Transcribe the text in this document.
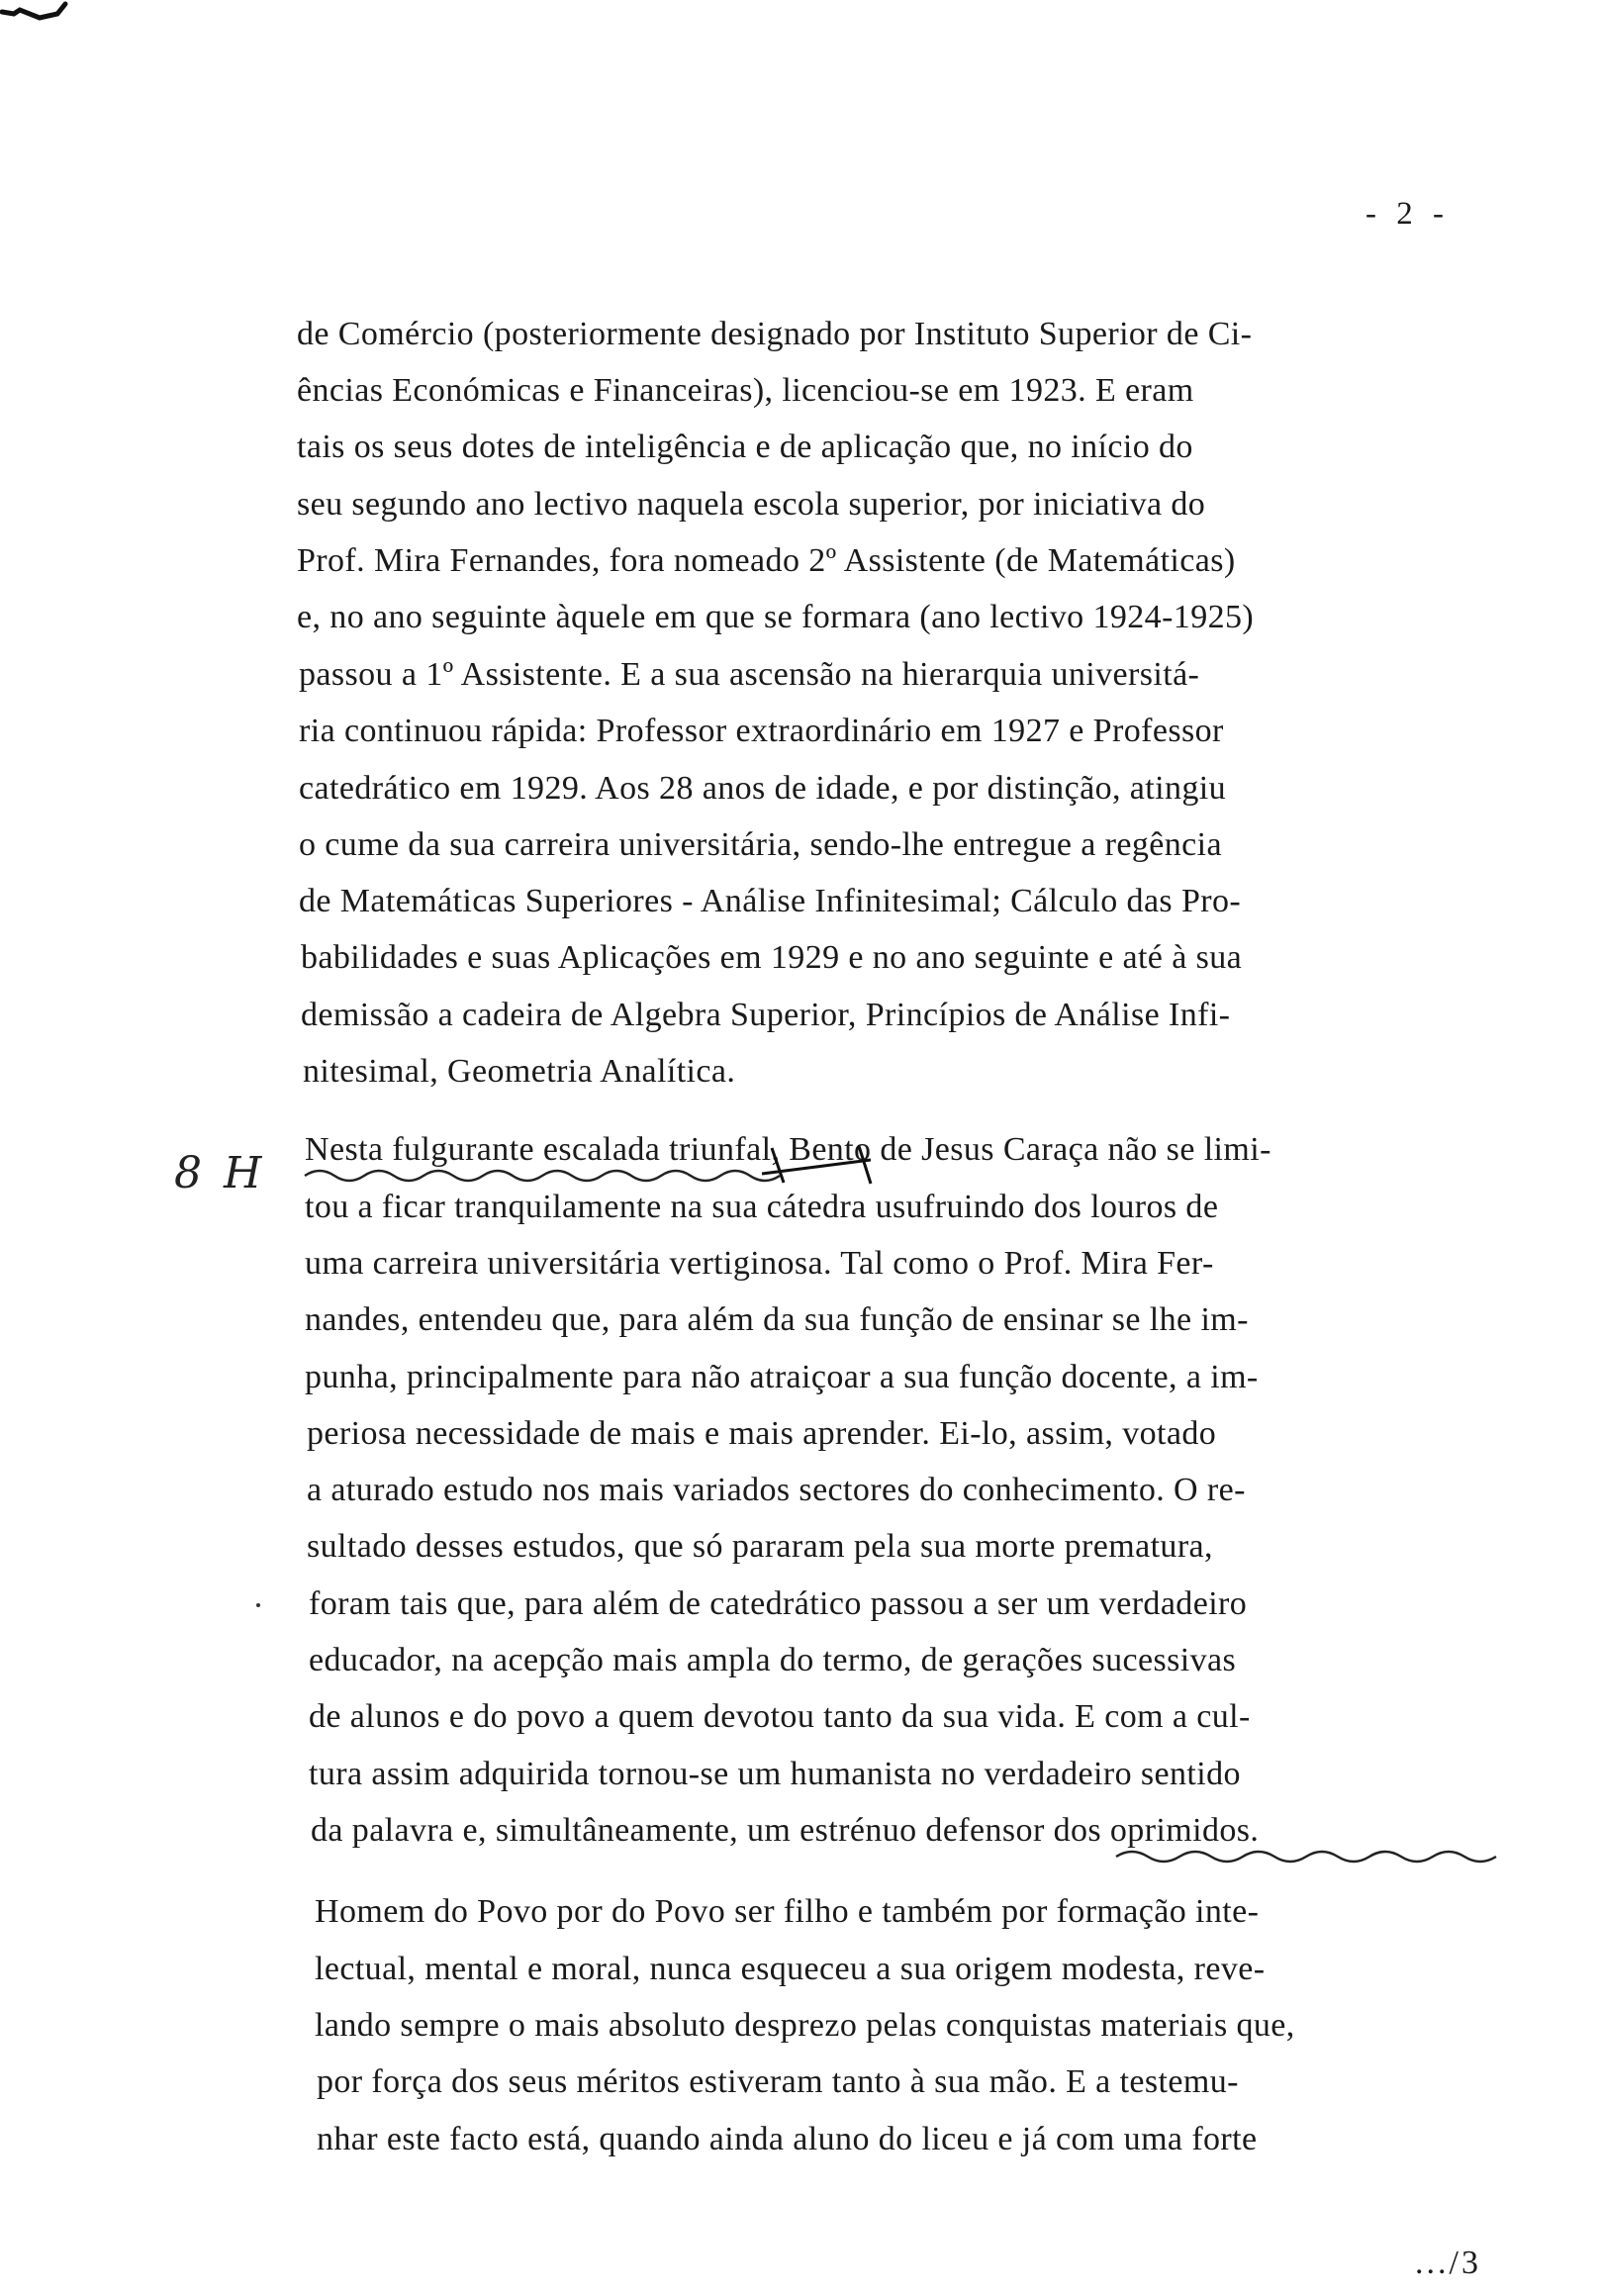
- 2 -
de Comércio (posteriormente designado por Instituto Superior de Ci-
ências Económicas e Financeiras), licenciou-se em 1923. E eram
tais os seus dotes de inteligência e de aplicação que, no início do
seu segundo ano lectivo naquela escola superior, por iniciativa do
Prof. Mira Fernandes, fora nomeado 2º Assistente (de Matemáticas)
e, no ano seguinte àquele em que se formara (ano lectivo 1924-1925)
passou a 1º Assistente. E a sua ascensão na hierarquia universitá-
ria continuou rápida: Professor extraordinário em 1927 e Professor
catedrático em 1929. Aos 28 anos de idade, e por distinção, atingiu
o cume da sua carreira universitária, sendo-lhe entregue a regência
de Matemáticas Superiores - Análise Infinitesimal; Cálculo das Pro-
babilidades e suas Aplicações em 1929 e no ano seguinte e até à sua
demissão a cadeira de Algebra Superior, Princípios de Análise Infi-
nitesimal, Geometria Analítica.
8 H Nesta fulgurante escalada triunfal, Bento de Jesus Caraça não se limi-
tou a ficar tranquilamente na sua cátedra usufruindo dos louros de
uma carreira universitária vertiginosa. Tal como o Prof. Mira Fer-
nandes, entendeu que, para além da sua função de ensinar se lhe im-
punha, principalmente para não atraiçoar a sua função docente, a im-
periosa necessidade de mais e mais aprender. Ei-lo, assim, votado
a aturado estudo nos mais variados sectores do conhecimento. O re-
sultado desses estudos, que só pararam pela sua morte prematura,
foram tais que, para além de catedrático passou a ser um verdadeiro
educador, na acepção mais ampla do termo, de gerações sucessivas
de alunos e do povo a quem devotou tanto da sua vida. E com a cul-
tura assim adquirida tornou-se um humanista no verdadeiro sentido
da palavra e, simultâneamente, um estrénuo defensor dos oprimidos.
Homem do Povo por do Povo ser filho e também por formação inte-
lectual, mental e moral, nunca esqueceu a sua origem modesta, reve-
lando sempre o mais absoluto desprezo pelas conquistas materiais que,
por força dos seus méritos estiveram tanto à sua mão. E a testemu-
nhar este facto está, quando ainda aluno do liceu e já com uma forte
.../3
